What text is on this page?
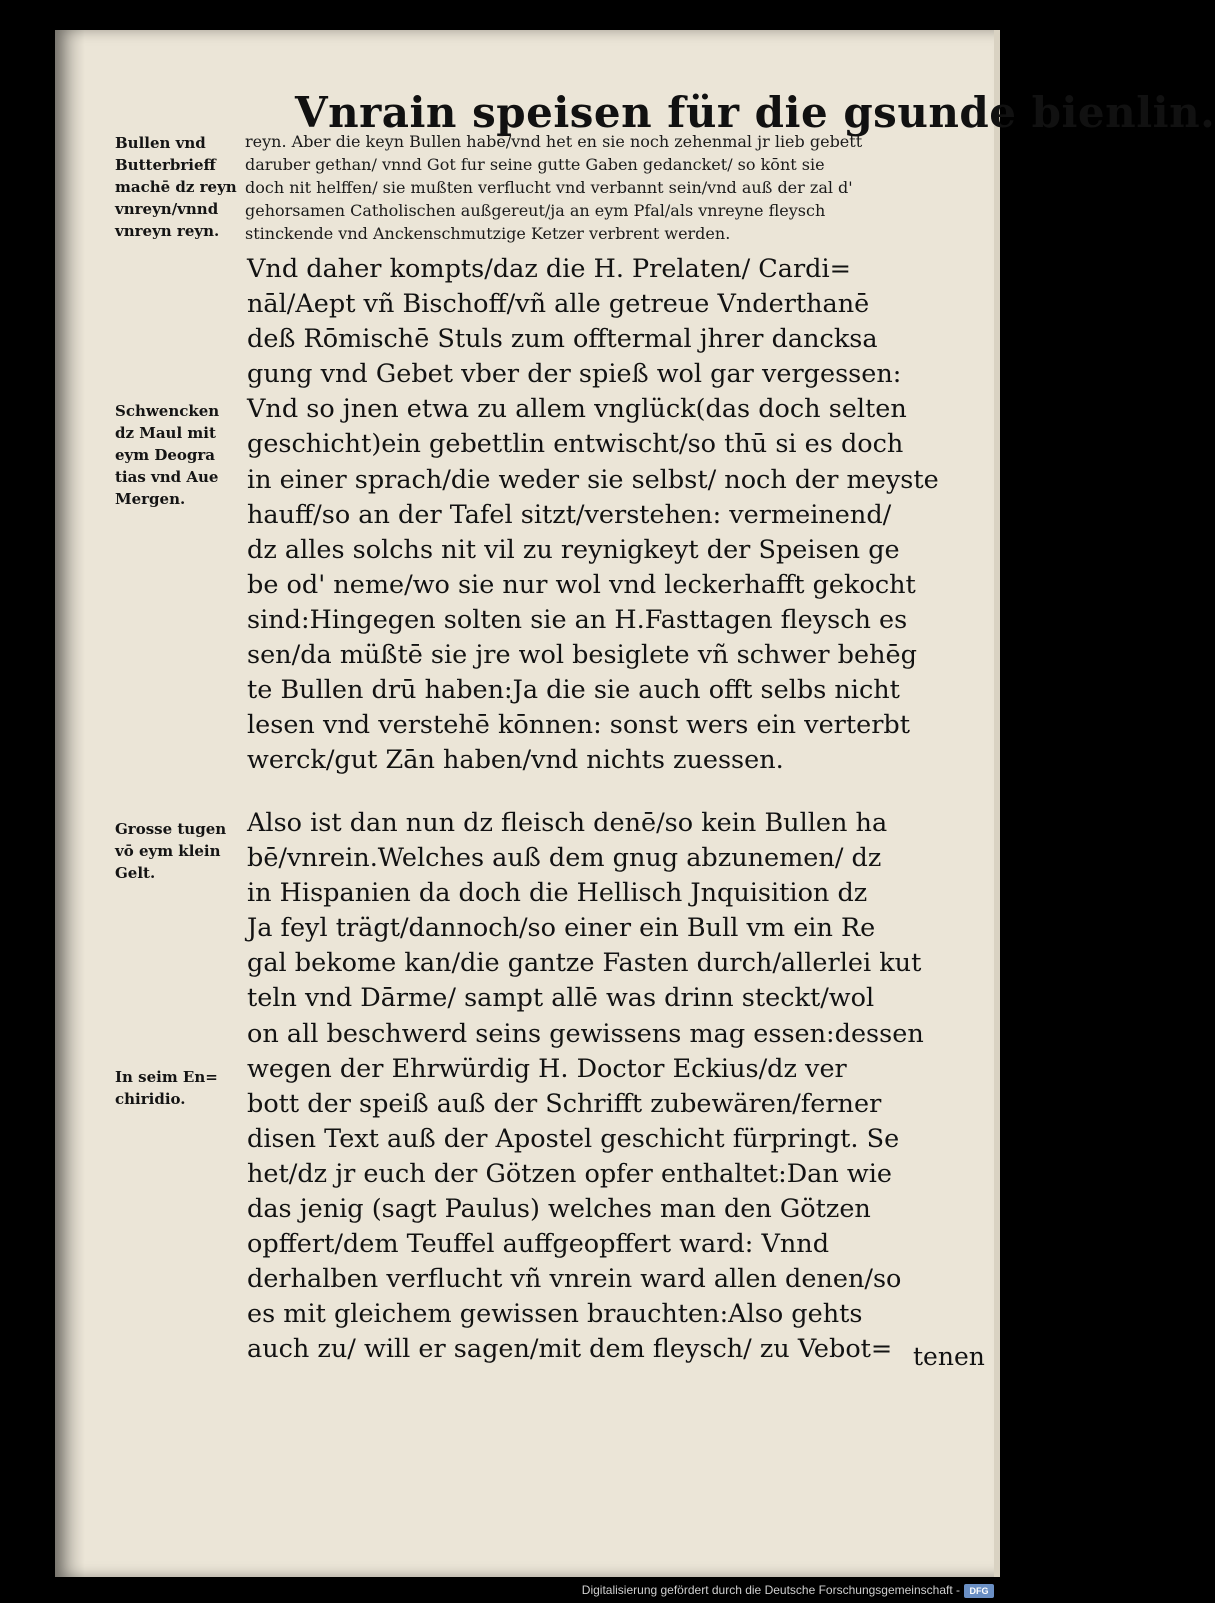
Vnrain speisen für die gsunde bienlin.
Bullen vnd
Butterbrieff
machē dz reyn
vnreyn/vnnd
vnreyn reyn.
Schwencken
dz Maul mit
eym Deogra
tias vnd Aue
Mergen.
Grosse tugen
vō eym klein
Gelt.
In seim En=
chiridio.
reyn. Aber die keyn Bullen habē/vnd het en sie noch zehenmal jr lieb gebett
daruber gethan/ vnnd Got fur seine gutte Gaben gedancket/ so kōnt sie
doch nit helffen/ sie mußten verflucht vnd verbannt sein/vnd auß der zal d'
gehorsamen Catholischen außgereut/ja an eym Pfal/als vnreyne fleysch
stinckende vnd Anckenschmutzige Ketzer verbrent werden.
Vnd daher kompts/daz die H. Prelaten/ Cardi=
nāl/Aept vñ Bischoff/vñ alle getreue Vnderthanē
deß Rōmischē Stuls zum offtermal jhrer dancksa
gung vnd Gebet vber der spieß wol gar vergessen:
Vnd so jnen etwa zu allem vnglück(das doch selten
geschicht)ein gebettlin entwischt/so thū si es doch
in einer sprach/die weder sie selbst/ noch der meyste
hauff/so an der Tafel sitzt/verstehen: vermeinend/
dz alles solchs nit vil zu reynigkeyt der Speisen ge
be od' neme/wo sie nur wol vnd leckerhafft gekocht
sind:Hingegen solten sie an H.Fasttagen fleysch es
sen/da müßtē sie jre wol besiglete vñ schwer behēg
te Bullen drū haben:Ja die sie auch offt selbs nicht
lesen vnd verstehē kōnnen: sonst wers ein verterbt
werck/gut Zān haben/vnd nichts zuessen.
Also ist dan nun dz fleisch denē/so kein Bullen ha
bē/vnrein.Welches auß dem gnug abzunemen/ dz
in Hispanien da doch die Hellisch Jnquisition dz
Ja feyl trägt/dannoch/so einer ein Bull vm ein Re
gal bekome kan/die gantze Fasten durch/allerlei kut
teln vnd Dārme/ sampt allē was drinn steckt/wol
on all beschwerd seins gewissens mag essen:dessen
wegen der Ehrwürdig H. Doctor Eckius/dz ver
bott der speiß auß der Schrifft zubewären/ferner
disen Text auß der Apostel geschicht fürpringt. Se
het/dz jr euch der Götzen opfer enthaltet:Dan wie
das jenig (sagt Paulus) welches man den Götzen
opffert/dem Teuffel auffgeopffert ward: Vnnd
derhalben verflucht vñ vnrein ward allen denen/so
es mit gleichem gewissen brauchten:Also gehts
auch zu/ will er sagen/mit dem fleysch/ zu Vebot= tenen
Digitalisierung gefördert durch die Deutsche Forschungsgemeinschaft -	DFG
